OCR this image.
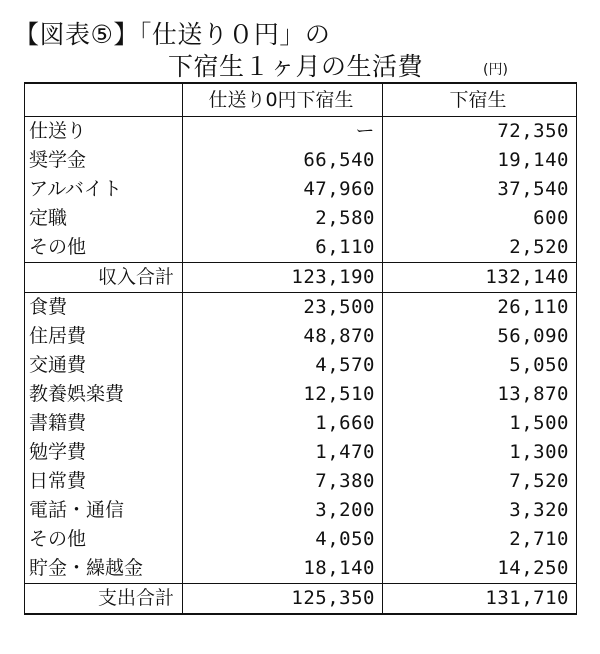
【図表⑤】「仕送り０円」の
下宿生１ヶ月の生活費	(円)
	仕送り0円下宿生	下宿生
仕送り	ー	72,350
奨学金	66,540	19,140
アルバイト	47,960	37,540
定職	2,580	600
その他	6,110	2,520
収入合計	123,190	132,140
食費	23,500	26,110
住居費	48,870	56,090
交通費	4,570	5,050
教養娯楽費	12,510	13,870
書籍費	1,660	1,500
勉学費	1,470	1,300
日常費	7,380	7,520
電話・通信	3,200	3,320
その他	4,050	2,710
貯金・繰越金	18,140	14,250
支出合計	125,350	131,710
